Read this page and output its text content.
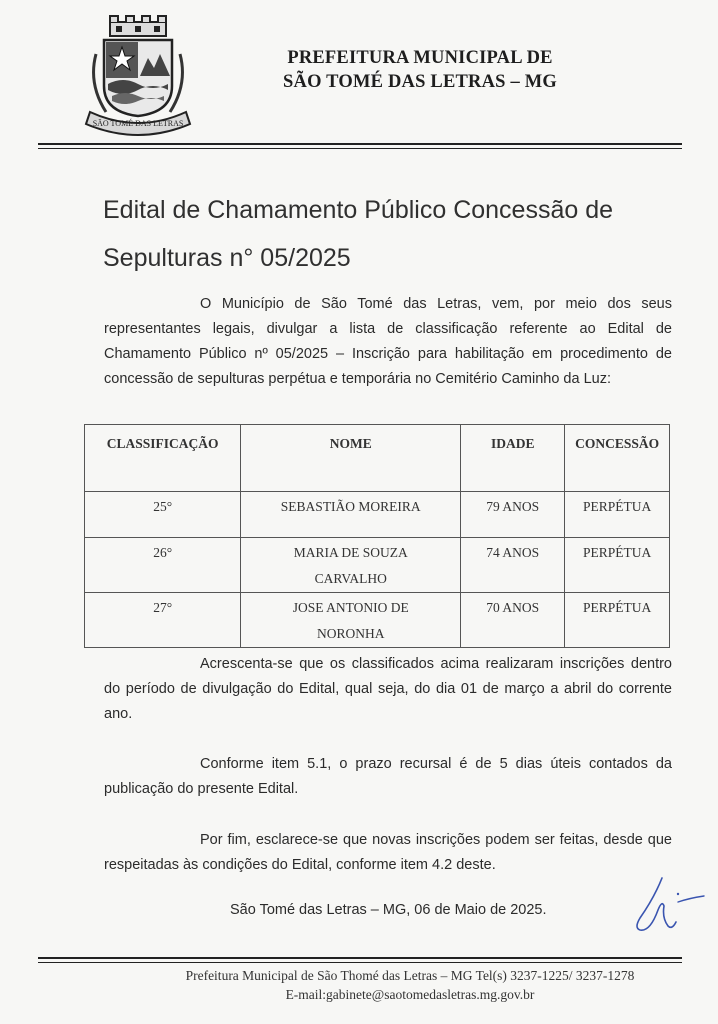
SÃO TOMÉ DAS LETRAS
PREFEITURA MUNICIPAL DE
SÃO TOMÉ DAS LETRAS – MG
Edital de Chamamento Público Concessão de Sepulturas n° 05/2025
O Município de São Tomé das Letras, vem, por meio dos seus representantes legais, divulgar a lista de classificação referente ao Edital de Chamamento Público nº 05/2025 – Inscrição para habilitação em procedimento de concessão de sepulturas perpétua e temporária no Cemitério Caminho da Luz:
CLASSIFICAÇÃO	NOME	IDADE	CONCESSÃO

25°	SEBASTIÃO MOREIRA	79 ANOS	PERPÉTUA
26°	MARIA DE SOUZA CARVALHO	74 ANOS	PERPÉTUA
27°	JOSE ANTONIO DE NORONHA	70 ANOS	PERPÉTUA
Acrescenta-se que os classificados acima realizaram inscrições dentro do período de divulgação do Edital, qual seja, do dia 01 de março a abril do corrente ano.
Conforme item 5.1, o prazo recursal é de 5 dias úteis contados da publicação do presente Edital.
Por fim, esclarece-se que novas inscrições podem ser feitas, desde que respeitadas às condições do Edital, conforme item 4.2 deste.
São Tomé das Letras – MG, 06 de Maio de 2025.
Prefeitura Municipal de São Thomé das Letras – MG Tel(s) 3237-1225/ 3237-1278
E-mail:gabinete@saotomedasletras.mg.gov.br
